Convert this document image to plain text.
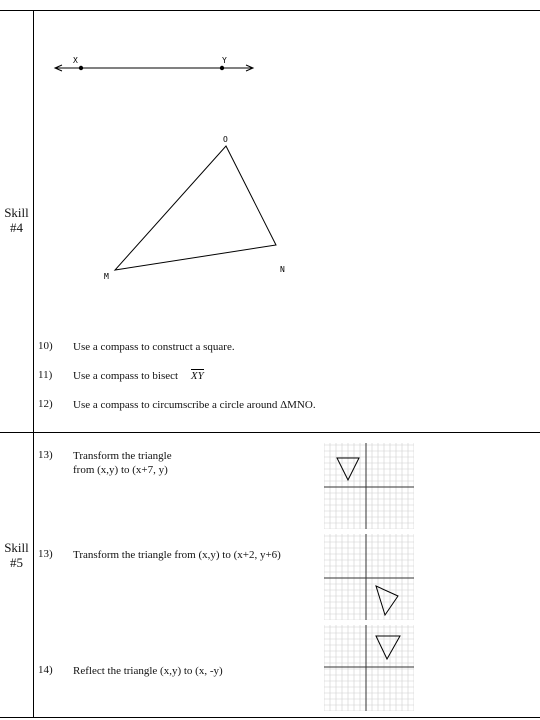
Skill
#4
X	Y
O
M
N
10) Use a compass to construct a square.
11) Use a compass to bisect XY
12) Use a compass to circumscribe a circle around ΔMNO.
Skill
#5
13) Transform the triangle
from (x,y) to (x+7, y)
13) Transform the triangle from (x,y) to (x+2, y+6)
14) Reflect the triangle (x,y) to (x, -y)
